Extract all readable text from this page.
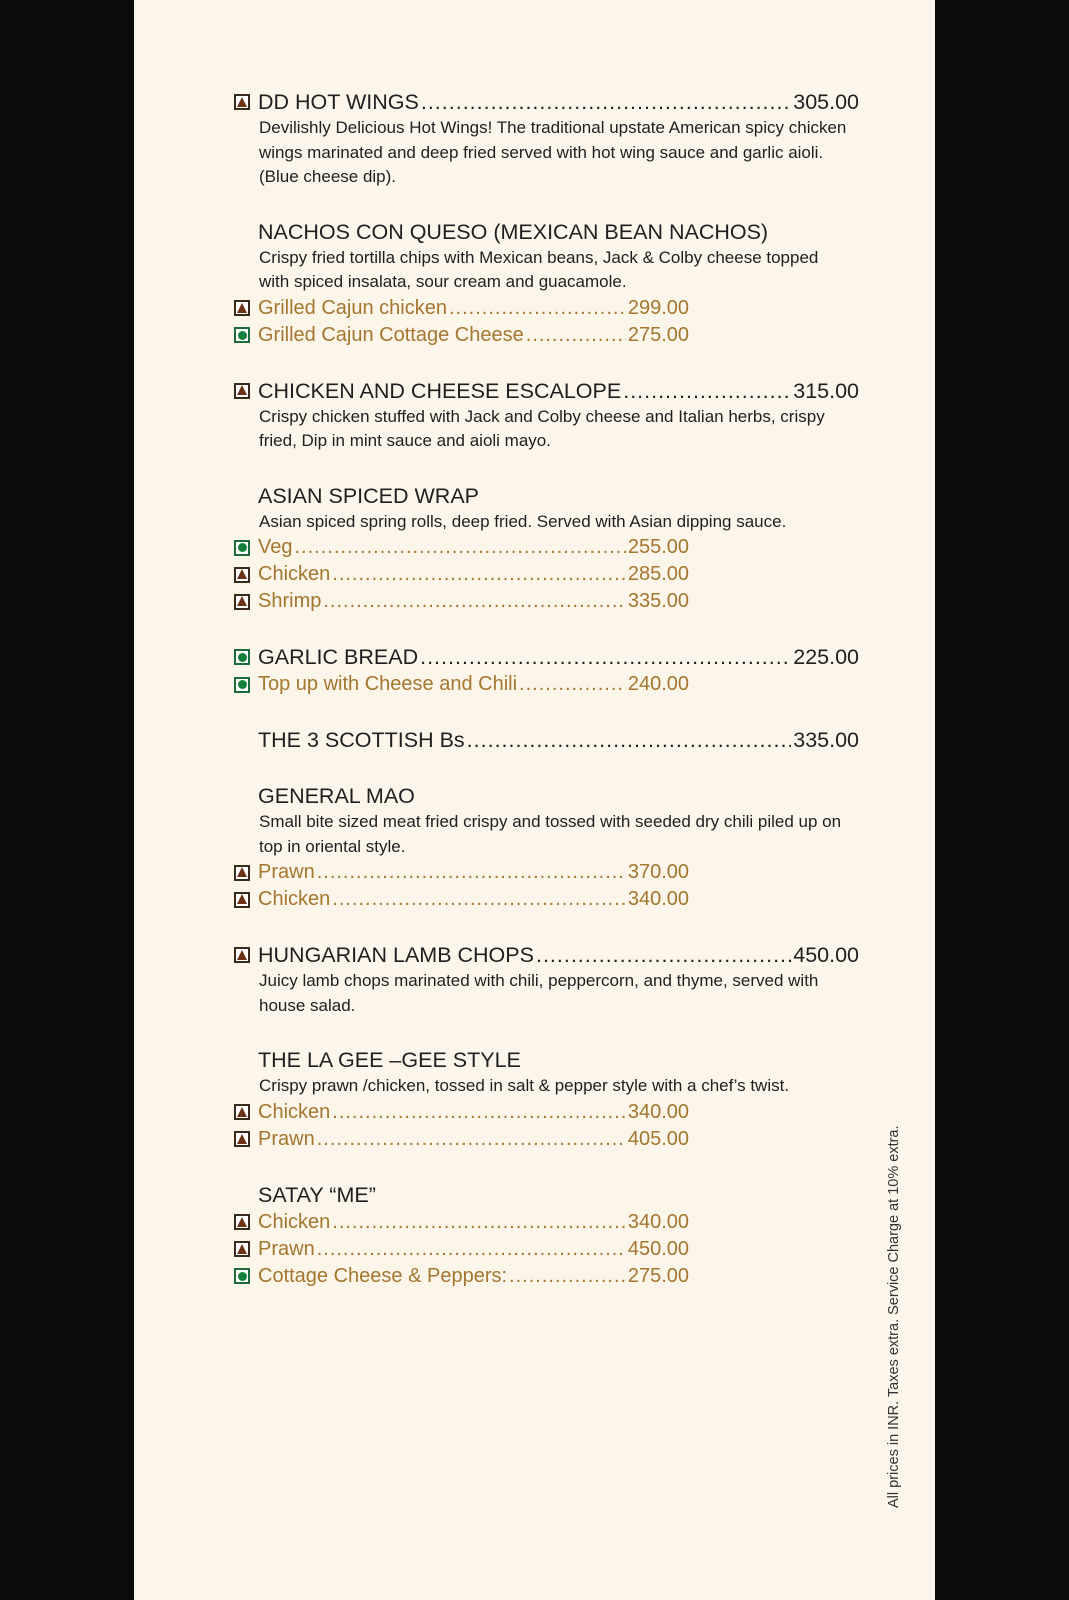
DD HOT WINGS .....	305.00
Devilishly Delicious Hot Wings! The traditional upstate American spicy chicken wings marinated and deep fried served with hot wing sauce and garlic aioli. (Blue cheese dip).
NACHOS CON QUESO (MEXICAN BEAN NACHOS)
Crispy fried tortilla chips with Mexican beans, Jack & Colby cheese topped with spiced insalata, sour cream and guacamole.
Grilled Cajun chicken .....	299.00
Grilled Cajun Cottage Cheese .....	275.00
CHICKEN AND CHEESE ESCALOPE .....	315.00
Crispy chicken stuffed with Jack and Colby cheese and Italian herbs, crispy fried, Dip in mint sauce and aioli mayo.
ASIAN SPICED WRAP
Asian spiced spring rolls, deep fried. Served with Asian dipping sauce.
Veg .....	255.00
Chicken .....	285.00
Shrimp .....	335.00
GARLIC BREAD .....	225.00
Top up with Cheese and Chili .....	240.00
THE 3 SCOTTISH Bs .....	335.00
GENERAL MAO
Small bite sized meat fried crispy and tossed with seeded dry chili piled up on top in oriental style.
Prawn .....	370.00
Chicken .....	340.00
HUNGARIAN LAMB CHOPS .....	450.00
Juicy lamb chops marinated with chili, peppercorn, and thyme, served with house salad.
THE LA GEE –GEE STYLE
Crispy prawn /chicken, tossed in salt & pepper style with a chef’s twist.
Chicken .....	340.00
Prawn .....	405.00
SATAY “ME”
Chicken .....	340.00
Prawn .....	450.00
Cottage Cheese & Peppers: .....	275.00	All prices in INR. Taxes extra. Service Charge at 10% extra.
